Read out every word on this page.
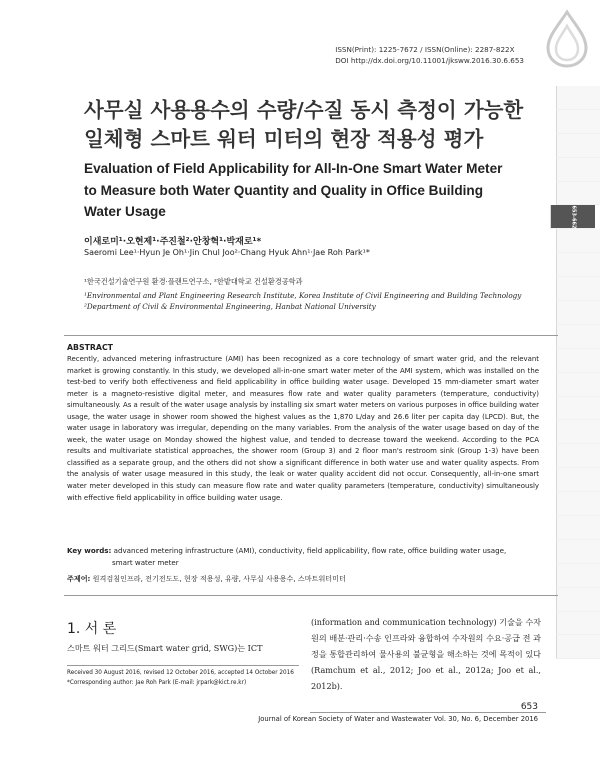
ISSN(Print): 1225-7672 / ISSN(Online): 2287-822X
DOI http://dx.doi.org/10.11001/jksww.2016.30.6.653
653-662
사무실 사용용수의 수량/수질 동시 측정이 가능한
일체형 스마트 워터 미터의 현장 적용성 평가
Evaluation of Field Applicability for All-In-One Smart Water Meter
to Measure both Water Quantity and Quality in Office Building
Water Usage
이새로미¹·오현제¹·주진철²·안창혁¹·박재로¹*
Saeromi Lee¹·Hyun Je Oh¹·Jin Chul Joo²·Chang Hyuk Ahn¹·Jae Roh Park¹*
¹한국건설기술연구원 환경·플랜트연구소, ²한밭대학교 건설환경공학과
¹Environmental and Plant Engineering Research Institute, Korea Institute of Civil Engineering and Building Technology
²Department of Civil & Environmental Engineering, Hanbat National University
ABSTRACT
Recently, advanced metering infrastructure (AMI) has been recognized as a core technology of smart water grid, and the relevant market is growing constantly. In this study, we developed all-in-one smart water meter of the AMI system, which was installed on the test-bed to verify both effectiveness and field applicability in office building water usage. Developed 15 mm-diameter smart water meter is a magneto-resistive digital meter, and measures flow rate and water quality parameters (temperature, conductivity) simultaneously. As a result of the water usage analysis by installing six smart water meters on various purposes in office building water usage, the water usage in shower room showed the highest values as the 1,870 L/day and 26.6 liter per capita day (LPCD). But, the water usage in laboratory was irregular, depending on the many variables. From the analysis of the water usage based on day of the week, the water usage on Monday showed the highest value, and tended to decrease toward the weekend. According to the PCA results and multivariate statistical approaches, the shower room (Group 3) and 2 floor man's restroom sink (Group 1-3) have been classified as a separate group, and the others did not show a significant difference in both water use and water quality aspects. From the analysis of water usage measured in this study, the leak or water quality accident did not occur. Consequently, all-in-one smart water meter developed in this study can measure flow rate and water quality parameters (temperature, conductivity) simultaneously with effective field applicability in office building water usage.
Key words: advanced metering infrastructure (AMI), conductivity, field applicability, flow rate, office building water usage,
smart water meter
주제어: 원격검침인프라, 전기전도도, 현장 적용성, 유량, 사무실 사용용수, 스마트워터미터
1. 서 론
스마트 워터 그리드(Smart water grid, SWG)는 ICT
(information and communication technology) 기술을 수자원의 배분·관리·수송 인프라와 융합하여 수자원의 수요·공급 전 과정을 통합관리하여 물사용의 불균형을 해소하는 것에 목적이 있다(Ramchum et al., 2012; Joo et al., 2012a; Joo et al., 2012b).
Received 30 August 2016, revised 12 October 2016, accepted 14 October 2016
*Corresponding author: Jae Roh Park (E-mail: jrpark@kict.re.kr)
653
Journal of Korean Society of Water and Wastewater Vol. 30, No. 6, December 2016
